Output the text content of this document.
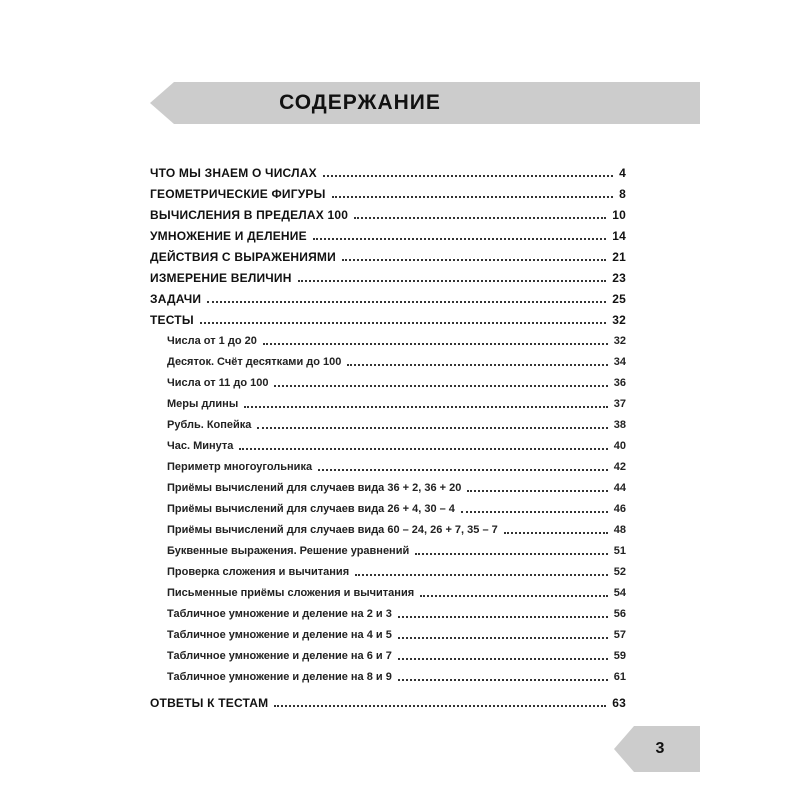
СОДЕРЖАНИЕ
ЧТО МЫ ЗНАЕМ О ЧИСЛАХ	4
ГЕОМЕТРИЧЕСКИЕ ФИГУРЫ	8
ВЫЧИСЛЕНИЯ В ПРЕДЕЛАХ 100	10
УМНОЖЕНИЕ И ДЕЛЕНИЕ	14
ДЕЙСТВИЯ С ВЫРАЖЕНИЯМИ	21
ИЗМЕРЕНИЕ ВЕЛИЧИН	23
ЗАДАЧИ	25
ТЕСТЫ	32
Числа от 1 до 20	32
Десяток. Счёт десятками до 100	34
Числа от 11 до 100	36
Меры длины	37
Рубль. Копейка	38
Час. Минута	40
Периметр многоугольника	42
Приёмы вычислений для случаев вида 36 + 2, 36 + 20	44
Приёмы вычислений для случаев вида 26 + 4, 30 – 4	46
Приёмы вычислений для случаев вида 60 – 24, 26 + 7, 35 – 7	48
Буквенные выражения. Решение уравнений	51
Проверка сложения и вычитания	52
Письменные приёмы сложения и вычитания	54
Табличное умножение и деление на 2 и 3	56
Табличное умножение и деление на 4 и 5	57
Табличное умножение и деление на 6 и 7	59
Табличное умножение и деление на 8 и 9	61
ОТВЕТЫ К ТЕСТАМ	63
3
